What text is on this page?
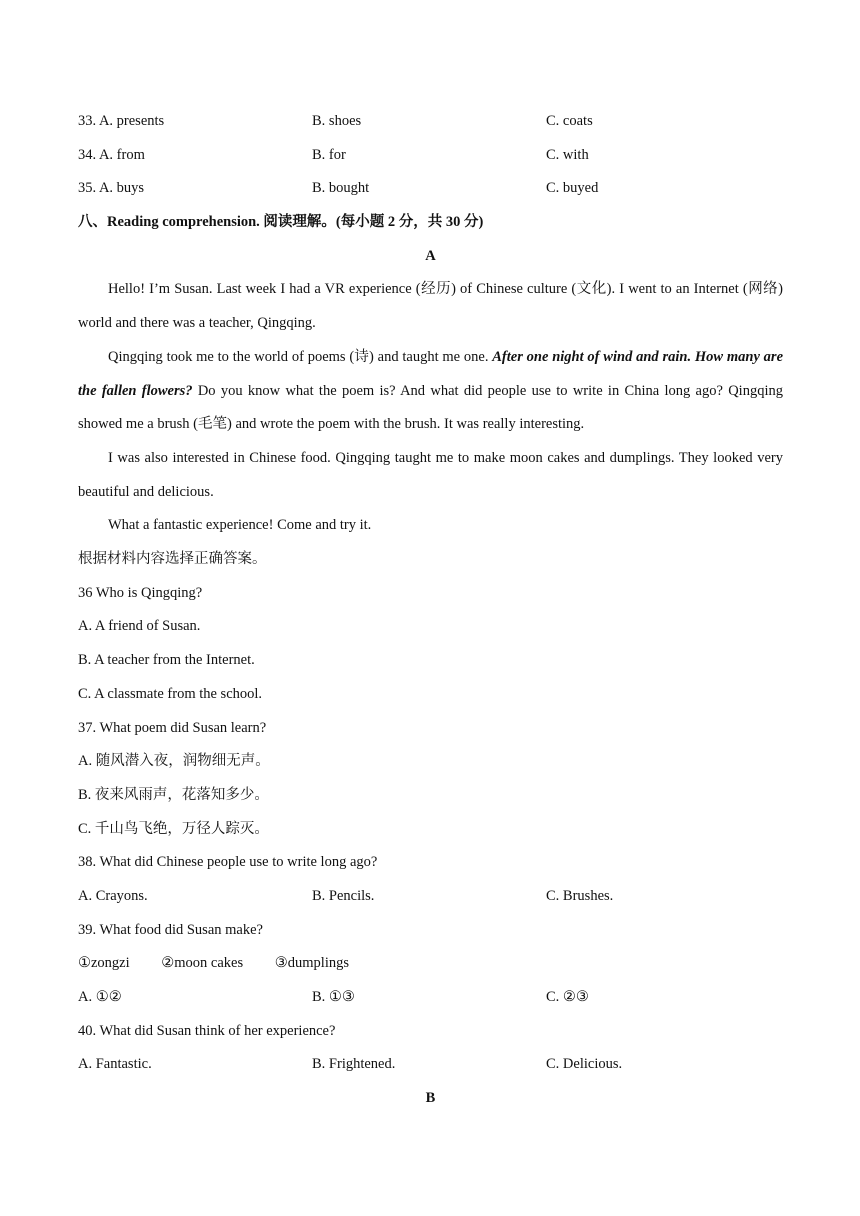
33. A. presents	B. shoes	C. coats
34. A. from	B. for	C. with
35. A. buys	B. bought	C. buyed
八、Reading comprehension. 阅读理解。(每小题 2 分，共 30 分)
A
Hello! I’m Susan. Last week I had a VR experience (经历) of Chinese culture (文化). I went to an Internet (网络) world and there was a teacher, Qingqing.
Qingqing took me to the world of poems (诗) and taught me one. After one night of wind and rain. How many are the fallen flowers? Do you know what the poem is? And what did people use to write in China long ago? Qingqing showed me a brush (毛笔) and wrote the poem with the brush. It was really interesting.
I was also interested in Chinese food. Qingqing taught me to make moon cakes and dumplings. They looked very beautiful and delicious.
What a fantastic experience! Come and try it.
根据材料内容选择正确答案。
36 Who is Qingqing?
A. A friend of Susan.
B. A teacher from the Internet.
C. A classmate from the school.
37. What poem did Susan learn?
A. 随风潜入夜，润物细无声。
B. 夜来风雨声，花落知多少。
C. 千山鸟飞绝，万径人踪灭。
38. What did Chinese people use to write long ago?
A. Crayons.	B. Pencils.	C. Brushes.
39. What food did Susan make?
①zongzi ②moon cakes ③dumplings
A. ①②	B. ①③	C. ②③
40. What did Susan think of her experience?
A. Fantastic.	B. Frightened.	C. Delicious.
B
